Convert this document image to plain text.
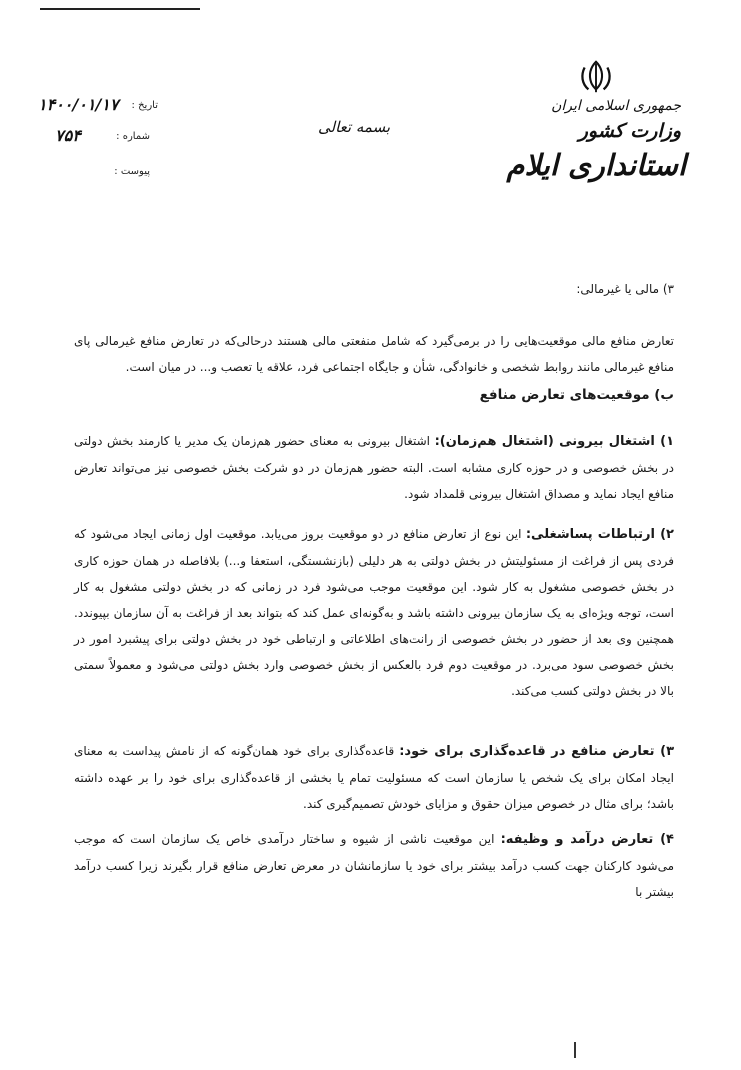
جمهوری اسلامی ایران
وزارت کشور
استانداری ایلام
بسمه تعالی
تاریخ :
۱۴۰۰/۰۱/۱۷
شماره :
۷۵۴
پیوست :

۳) مالی یا غیرمالی:

تعارض منافع مالی موقعیت‌هایی را در برمی‌گیرد که شامل منفعتی مالی هستند درحالی‌که در تعارض منافع غیرمالی پای منافع غیرمالی مانند روابط شخصی و خانوادگی، شأن و جایگاه اجتماعی فرد، علاقه یا تعصب و... در میان است.

ب) موقعیت‌های تعارض منافع

۱) اشتغال بیرونی (اشتغال هم‌زمان): اشتغال بیرونی به معنای حضور هم‌زمان یک مدیر یا کارمند بخش دولتی در بخش خصوصی و در حوزه کاری مشابه است. البته حضور هم‌زمان در دو شرکت بخش خصوصی نیز می‌تواند تعارض منافع ایجاد نماید و مصداق اشتغال بیرونی قلمداد شود.

۲) ارتباطات پساشغلی: این نوع از تعارض منافع در دو موقعیت بروز می‌یابد. موقعیت اول زمانی ایجاد می‌شود که فردی پس از فراغت از مسئولیتش در بخش دولتی به هر دلیلی (بازنشستگی، استعفا و...) بلافاصله در همان حوزه کاری در بخش خصوصی مشغول به کار شود. این موقعیت موجب می‌شود فرد در زمانی که در بخش دولتی مشغول به کار است، توجه ویژه‌ای به یک سازمان بیرونی داشته باشد و به‌گونه‌ای عمل کند که بتواند بعد از فراغت به آن سازمان بپیوندد. همچنین وی بعد از حضور در بخش خصوصی از رانت‌های اطلاعاتی و ارتباطی خود در بخش دولتی برای پیشبرد امور در بخش خصوصی سود می‌برد. در موقعیت دوم فرد بالعکس از بخش خصوصی وارد بخش دولتی می‌شود و معمولاً سمتی بالا در بخش دولتی کسب می‌کند.

۳) تعارض منافع در قاعده‌گذاری برای خود: قاعده‌گذاری برای خود همان‌گونه که از نامش پیداست به معنای ایجاد امکان برای یک شخص یا سازمان است که مسئولیت تمام یا بخشی از قاعده‌گذاری برای خود را بر عهده داشته باشد؛ برای مثال در خصوص میزان حقوق و مزایای خودش تصمیم‌گیری کند.

۴) تعارض درآمد و وظیفه: این موقعیت ناشی از شیوه و ساختار درآمدی خاص یک سازمان است که موجب می‌شود کارکنان جهت کسب درآمد بیشتر برای خود یا سازمانشان در معرض تعارض منافع قرار بگیرند زیرا کسب درآمد بیشتر با
